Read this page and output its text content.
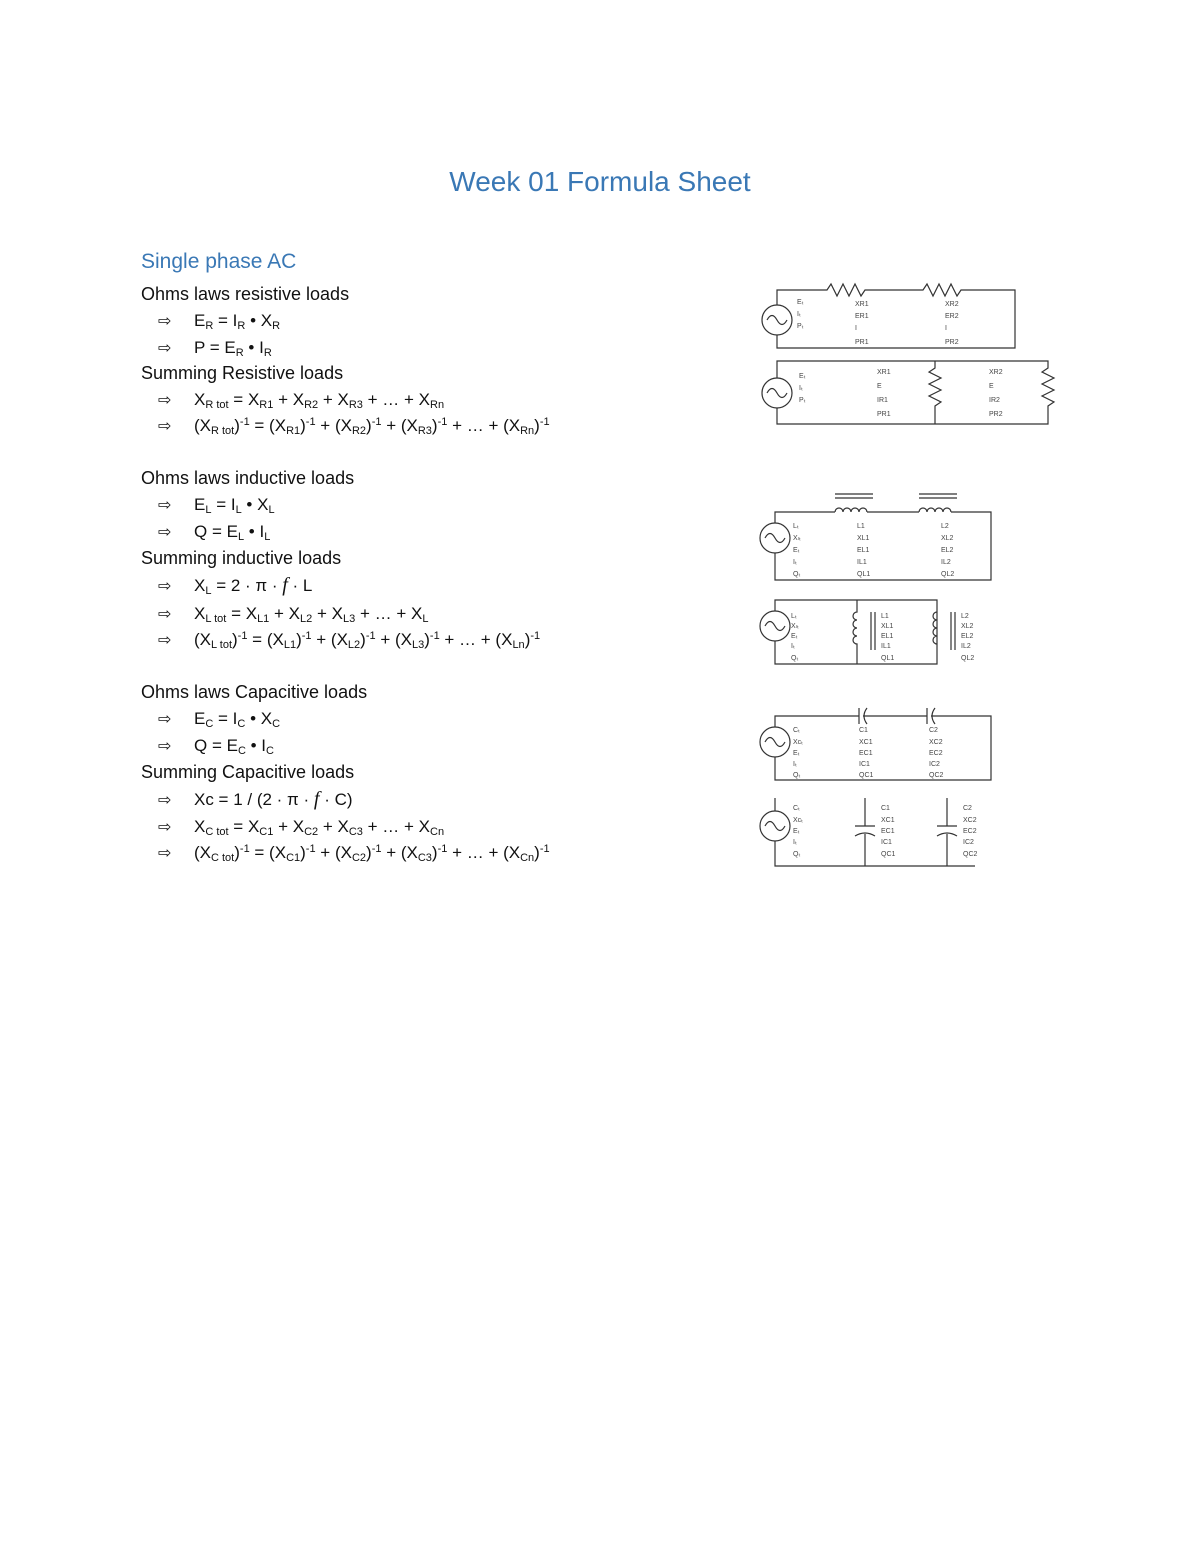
Week 01 Formula Sheet
Single phase AC
Ohms laws resistive loads
⇨ $E_R = I_R$ • $X_R$
⇨ $P = E_R$ • $I_R$
Summing Resistive loads
⇨ $X_{R tot} = X_{R1} + X_{R2} + X_{R3}$ + … + $X_{Rn}$
⇨ $(X_{R tot})^{-1} = (X_{R1})^{-1} + (X_{R2})^{-1} + (X_{R3})^{-1}$ + … + $(X_{Rn})^{-1}$
Ohms laws inductive loads
⇨ $E_L = I_L$ • $X_L$
⇨ $Q = E_L$ • $I_L$
Summing inductive loads
⇨ $X_L = 2 \cdot \pi \cdot f \cdot L$
⇨ $X_{L tot} = X_{L1} + X_{L2} + X_{L3}$ + … + $X_L$
⇨ $(X_{L tot})^{-1} = (X_{L1})^{-1} + (X_{L2})^{-1} + (X_{L3})^{-1}$ + … + $(X_{Ln})^{-1}$
Ohms laws Capacitive loads
⇨ $E_C = I_C$ • $X_C$
⇨ $Q = E_C$ • $I_C$
Summing Capacitive loads
⇨ Xc = 1 / (2 · π · f · C)
⇨ $X_{C tot} = X_{C1} + X_{C2} + X_{C3}$ + … + $X_{Cn}$
⇨ $(X_{C tot})^{-1} = (X_{C1})^{-1} + (X_{C2})^{-1} + (X_{C3})^{-1}$ + … + $(X_{Cn})^{-1}$
Eₜ
Iₜ
Pₜ
XR1
ER1
I
PR1
XR2
ER2
I
PR2
Eₜ
Iₜ
Pₜ
XR1
E
IR1
PR1
XR2
E
IR2
PR2
Lₜ
Xₗₜ
Eₜ
Iₜ
Qₜ
L1
XL1
EL1
IL1
QL1
L2
XL2
EL2
IL2
QL2
Lₜ
Xₗₜ
Eₜ
Iₜ
Qₜ
L1
XL1
EL1
IL1
QL1
L2
XL2
EL2
IL2
QL2
Cₜ
Xcₜ
Eₜ
Iₜ
Qₜ
C1
XC1
EC1
IC1
QC1
C2
XC2
EC2
IC2
QC2
Cₜ
Xcₜ
Eₜ
Iₜ
Qₜ
C1
XC1
EC1
IC1
QC1
C2
XC2
EC2
IC2
QC2
